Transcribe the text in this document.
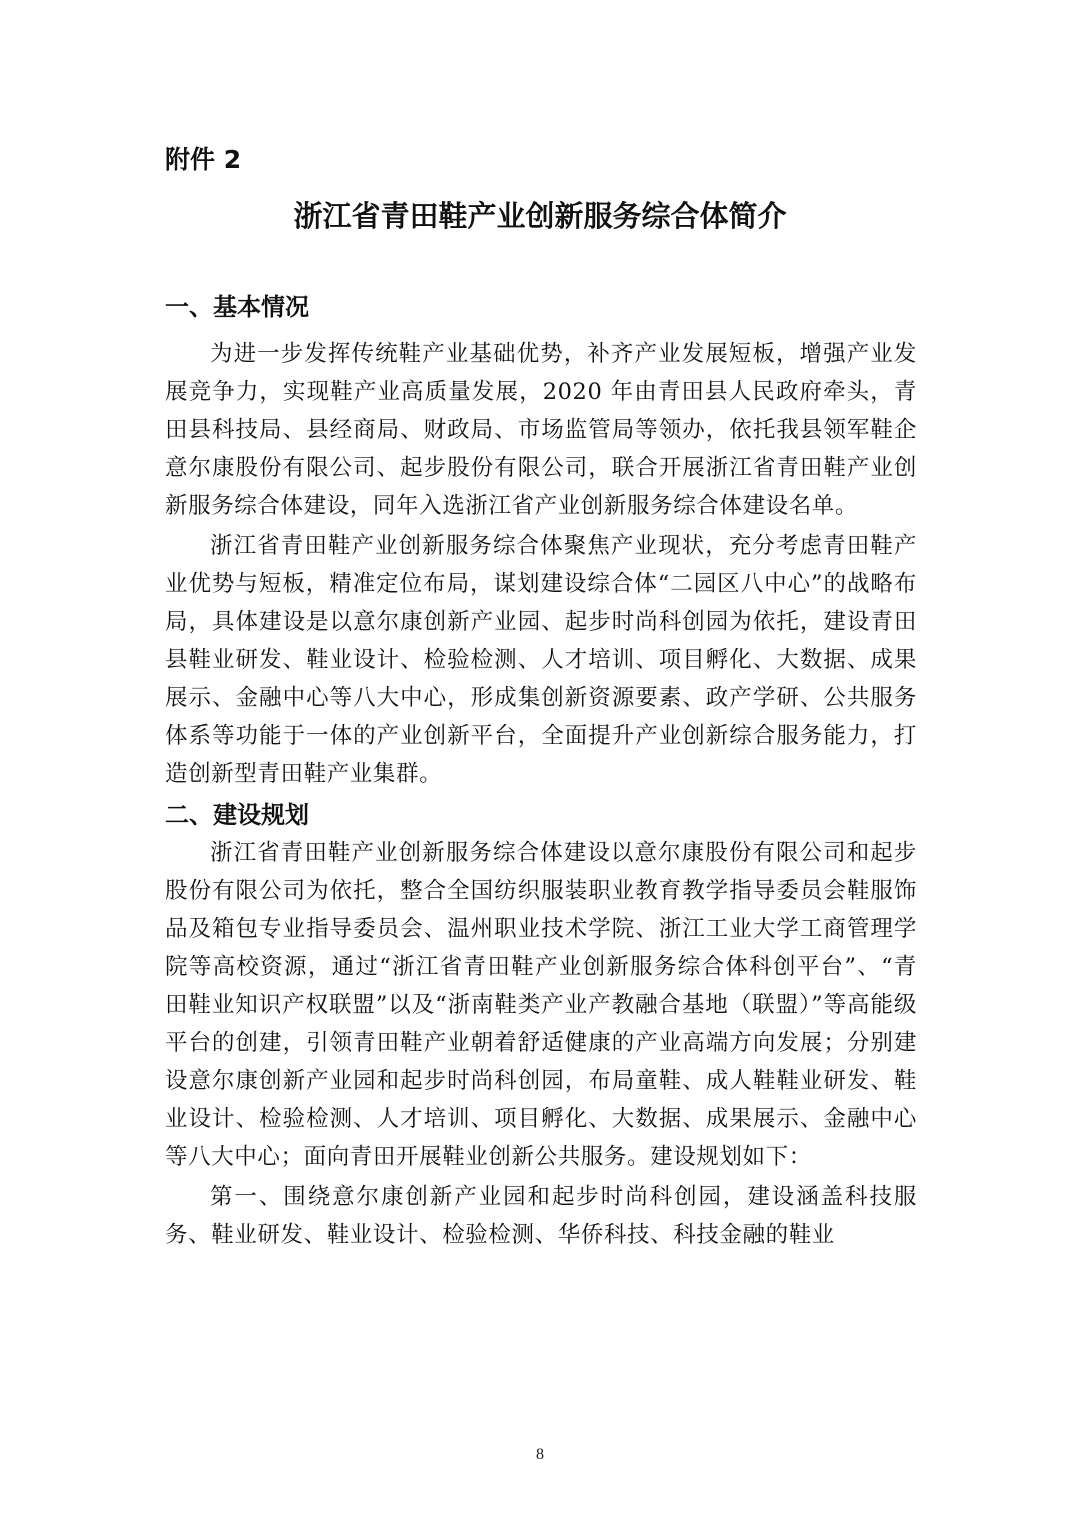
附件 2

浙江省青田鞋产业创新服务综合体简介
一、基本情况

为进一步发挥传统鞋产业基础优势，补齐产业发展短板，增强产业发展竞争力，实现鞋产业高质量发展，2020 年由青田县人民政府牵头，青田县科技局、县经商局、财政局、市场监管局等领办，依托我县领军鞋企意尔康股份有限公司、起步股份有限公司，联合开展浙江省青田鞋产业创新服务综合体建设，同年入选浙江省产业创新服务综合体建设名单。

浙江省青田鞋产业创新服务综合体聚焦产业现状，充分考虑青田鞋产业优势与短板，精准定位布局，谋划建设综合体“二园区八中心”的战略布局，具体建设是以意尔康创新产业园、起步时尚科创园为依托，建设青田县鞋业研发、鞋业设计、检验检测、人才培训、项目孵化、大数据、成果展示、金融中心等八大中心，形成集创新资源要素、政产学研、公共服务体系等功能于一体的产业创新平台，全面提升产业创新综合服务能力，打造创新型青田鞋产业集群。

二、建设规划

浙江省青田鞋产业创新服务综合体建设以意尔康股份有限公司和起步股份有限公司为依托，整合全国纺织服装职业教育教学指导委员会鞋服饰品及箱包专业指导委员会、温州职业技术学院、浙江工业大学工商管理学院等高校资源，通过“浙江省青田鞋产业创新服务综合体科创平台”、“青田鞋业知识产权联盟”以及“浙南鞋类产业产教融合基地（联盟）”等高能级平台的创建，引领青田鞋产业朝着舒适健康的产业高端方向发展；分别建设意尔康创新产业园和起步时尚科创园，布局童鞋、成人鞋鞋业研发、鞋业设计、检验检测、人才培训、项目孵化、大数据、成果展示、金融中心等八大中心；面向青田开展鞋业创新公共服务。建设规划如下：

第一、围绕意尔康创新产业园和起步时尚科创园，建设涵盖科技服务、鞋业研发、鞋业设计、检验检测、华侨科技、科技金融的鞋业

8
